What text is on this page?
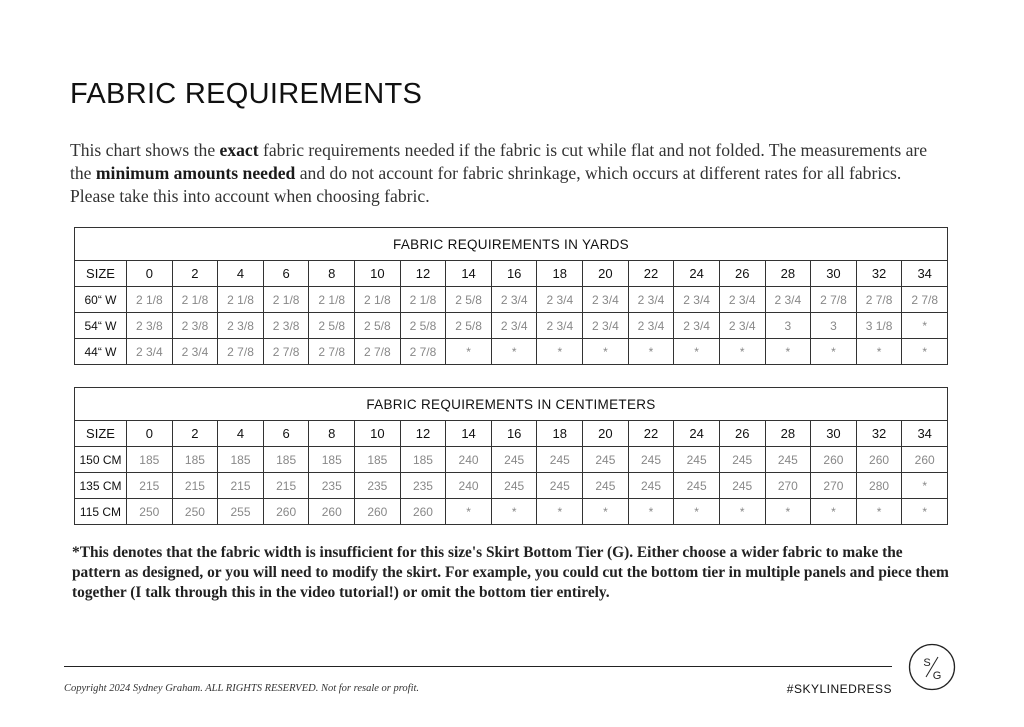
FABRIC REQUIREMENTS

This chart shows the exact fabric requirements needed if the fabric is cut while flat and not folded. The measurements are the minimum amounts needed and do not account for fabric shrinkage, which occurs at different rates for all fabrics. Please take this into account when choosing fabric.

FABRIC REQUIREMENTS IN YARDS																		
SIZE	0	2	4	6	8	10	12	14	16	18	20	22	24	26	28	30	32	34
60“ W	2 1/8	2 1/8	2 1/8	2 1/8	2 1/8	2 1/8	2 1/8	2 5/8	2 3/4	2 3/4	2 3/4	2 3/4	2 3/4	2 3/4	2 3/4	2 7/8	2 7/8	2 7/8
54“ W	2 3/8	2 3/8	2 3/8	2 3/8	2 5/8	2 5/8	2 5/8	2 5/8	2 3/4	2 3/4	2 3/4	2 3/4	2 3/4	2 3/4	3	3	3 1/8	*
44“ W	2 3/4	2 3/4	2 7/8	2 7/8	2 7/8	2 7/8	2 7/8	*	*	*	*	*	*	*	*	*	*	*
FABRIC REQUIREMENTS IN CENTIMETERS																		
SIZE	0	2	4	6	8	10	12	14	16	18	20	22	24	26	28	30	32	34
150 CM	185	185	185	185	185	185	185	240	245	245	245	245	245	245	245	260	260	260
135 CM	215	215	215	215	235	235	235	240	245	245	245	245	245	245	270	270	280	*
115 CM	250	250	255	260	260	260	260	*	*	*	*	*	*	*	*	*	*	*

*This denotes that the fabric width is insufficient for this size's Skirt Bottom Tier (G). Either choose a wider fabric to make the pattern as designed, or you will need to modify the skirt. For example, you could cut the bottom tier in multiple panels and piece them together (I talk through this in the video tutorial!) or omit the bottom tier entirely.

Copyright 2024 Sydney Graham. ALL RIGHTS RESERVED. Not for resale or profit.	#SKYLINEDRESS
S
G
